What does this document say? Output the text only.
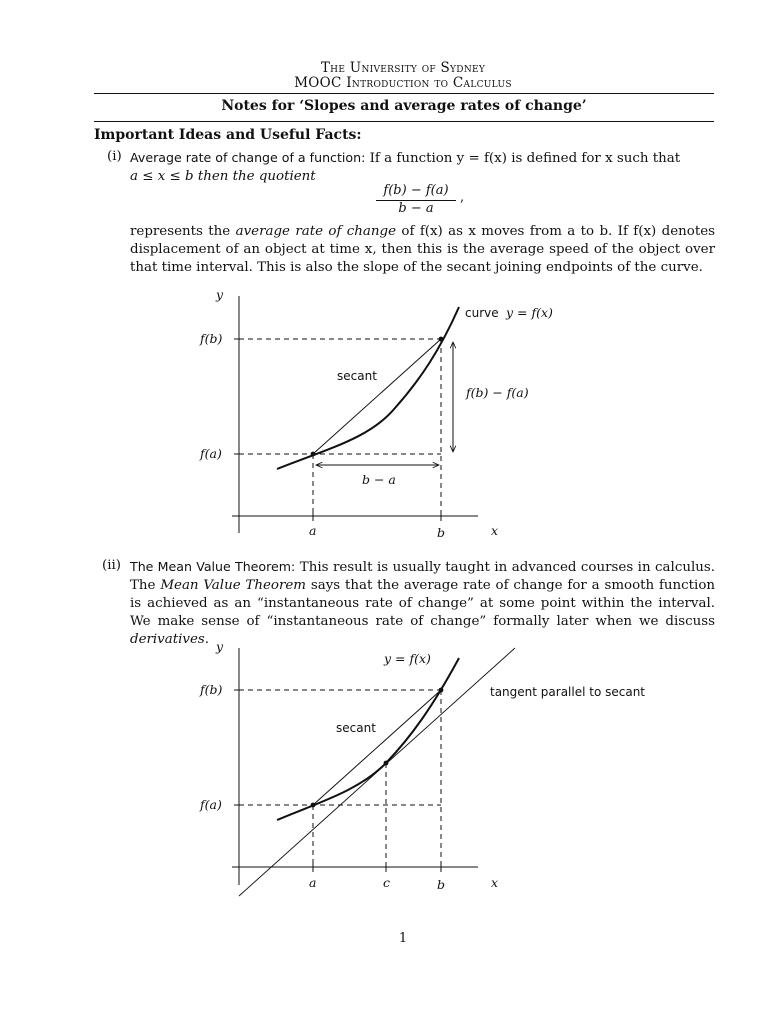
The University of Sydney
MOOC Introduction to Calculus
Notes for ‘Slopes and average rates of change’
Important Ideas and Useful Facts:
(i) Average rate of change of a function: If a function y = f(x) is defined for x such that
a ≤ x ≤ b then the quotient
$\frac{f(b) - f(a)}{b - a}$ ,
represents the average rate of change of f(x) as x moves from a to b. If f(x) denotes displacement of an object at time x, then this is the average speed of the object over that time interval. This is also the slope of the secant joining endpoints of the curve.
y
x
curve y = f(x)
f(b)
f(a)
secant
f(b) − f(a)
b − a
a	b
(ii) The Mean Value Theorem: This result is usually taught in advanced courses in calculus. The Mean Value Theorem says that the average rate of change for a smooth function is achieved as an “instantaneous rate of change” at some point within the interval. We make sense of “instantaneous rate of change” formally later when we discuss derivatives. y
x
y = f(x)
f(b)
f(a)
secant
tangent parallel to secant
a	c	b
1
